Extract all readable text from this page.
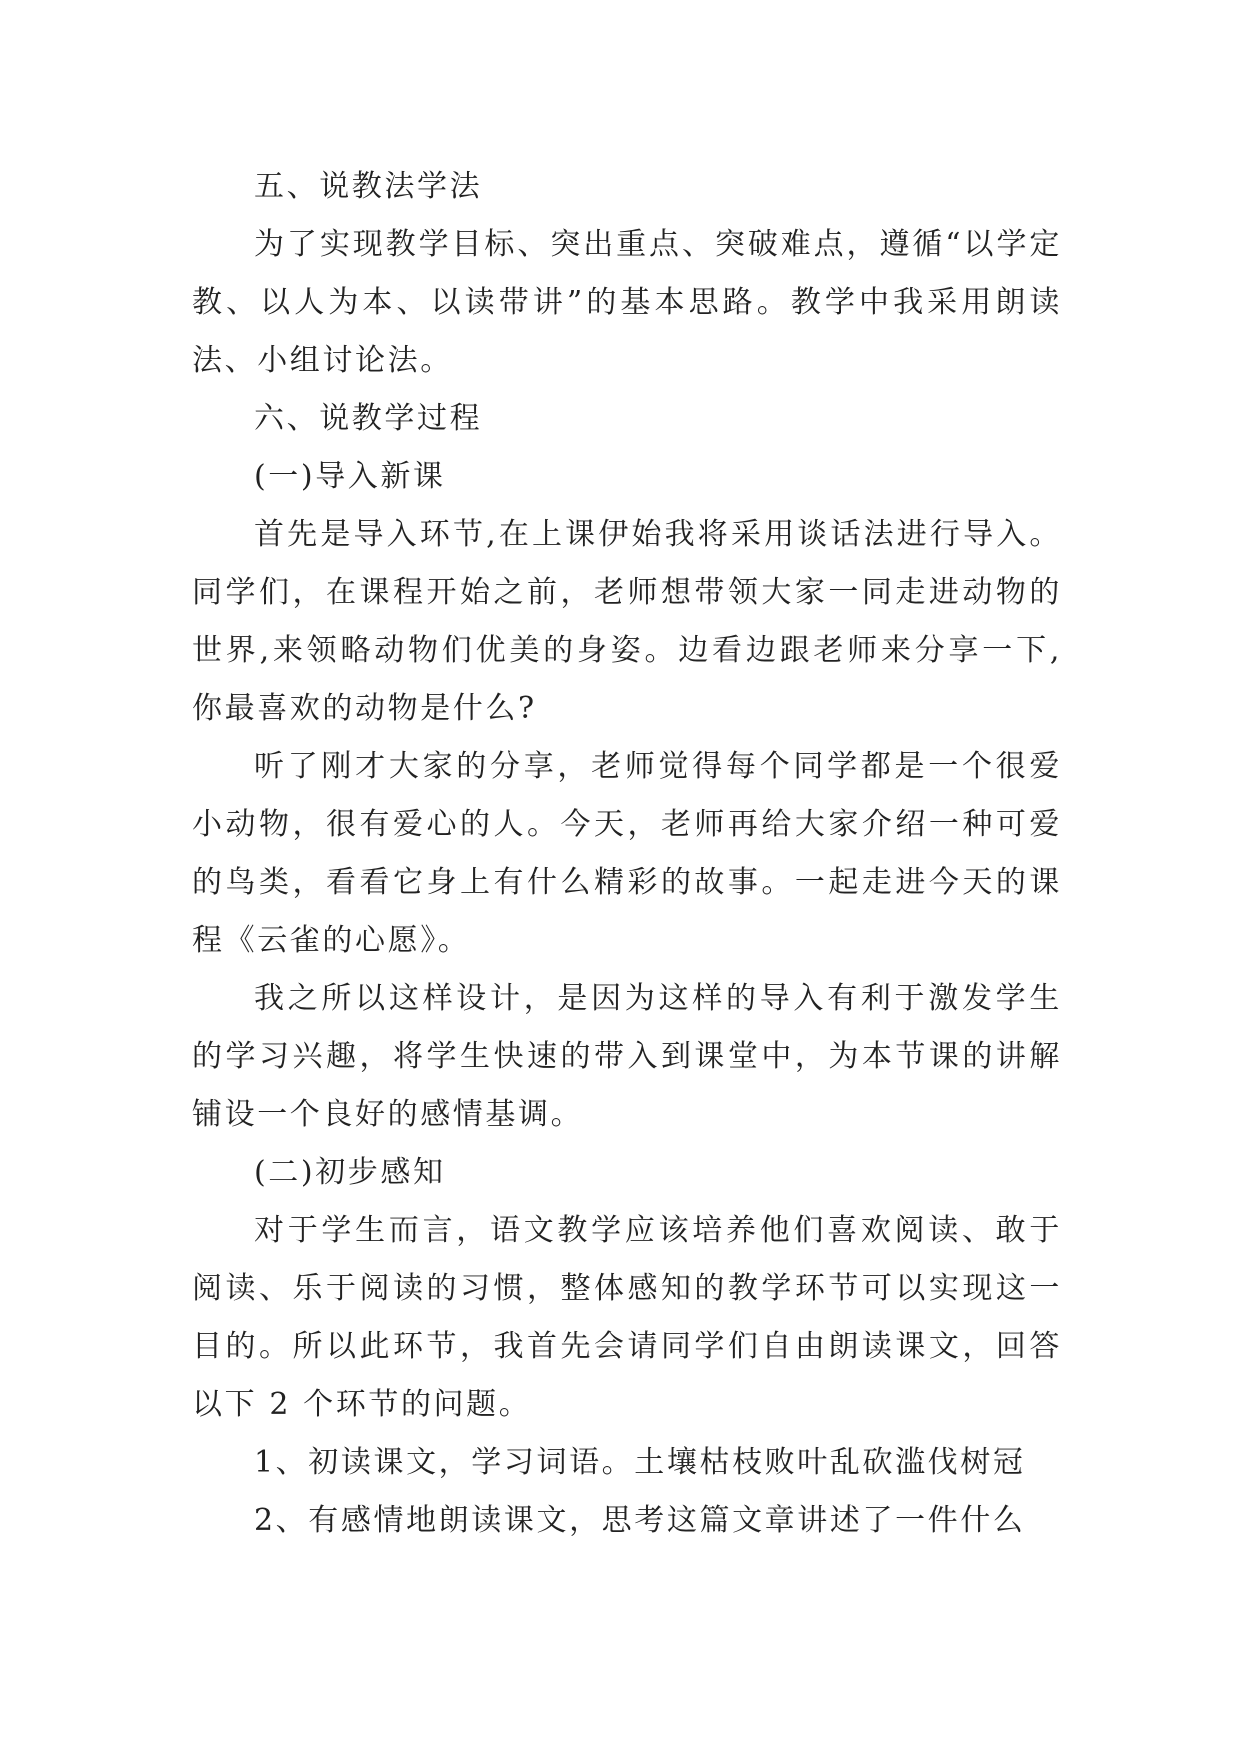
五、说教法学法

为了实现教学目标、突出重点、突破难点，遵循“以学定教、以人为本、以读带讲”的基本思路。教学中我采用朗读法、小组讨论法。

六、说教学过程

(一)导入新课

首先是导入环节,在上课伊始我将采用谈话法进行导入。同学们，在课程开始之前，老师想带领大家一同走进动物的世界,来领略动物们优美的身姿。边看边跟老师来分享一下,你最喜欢的动物是什么?

听了刚才大家的分享，老师觉得每个同学都是一个很爱小动物，很有爱心的人。今天，老师再给大家介绍一种可爱的鸟类，看看它身上有什么精彩的故事。一起走进今天的课程《云雀的心愿》。

我之所以这样设计，是因为这样的导入有利于激发学生的学习兴趣，将学生快速的带入到课堂中，为本节课的讲解铺设一个良好的感情基调。

(二)初步感知

对于学生而言，语文教学应该培养他们喜欢阅读、敢于阅读、乐于阅读的习惯，整体感知的教学环节可以实现这一目的。所以此环节，我首先会请同学们自由朗读课文，回答以下 2 个环节的问题。

1、初读课文，学习词语。土壤枯枝败叶乱砍滥伐树冠

2、有感情地朗读课文，思考这篇文章讲述了一件什么
